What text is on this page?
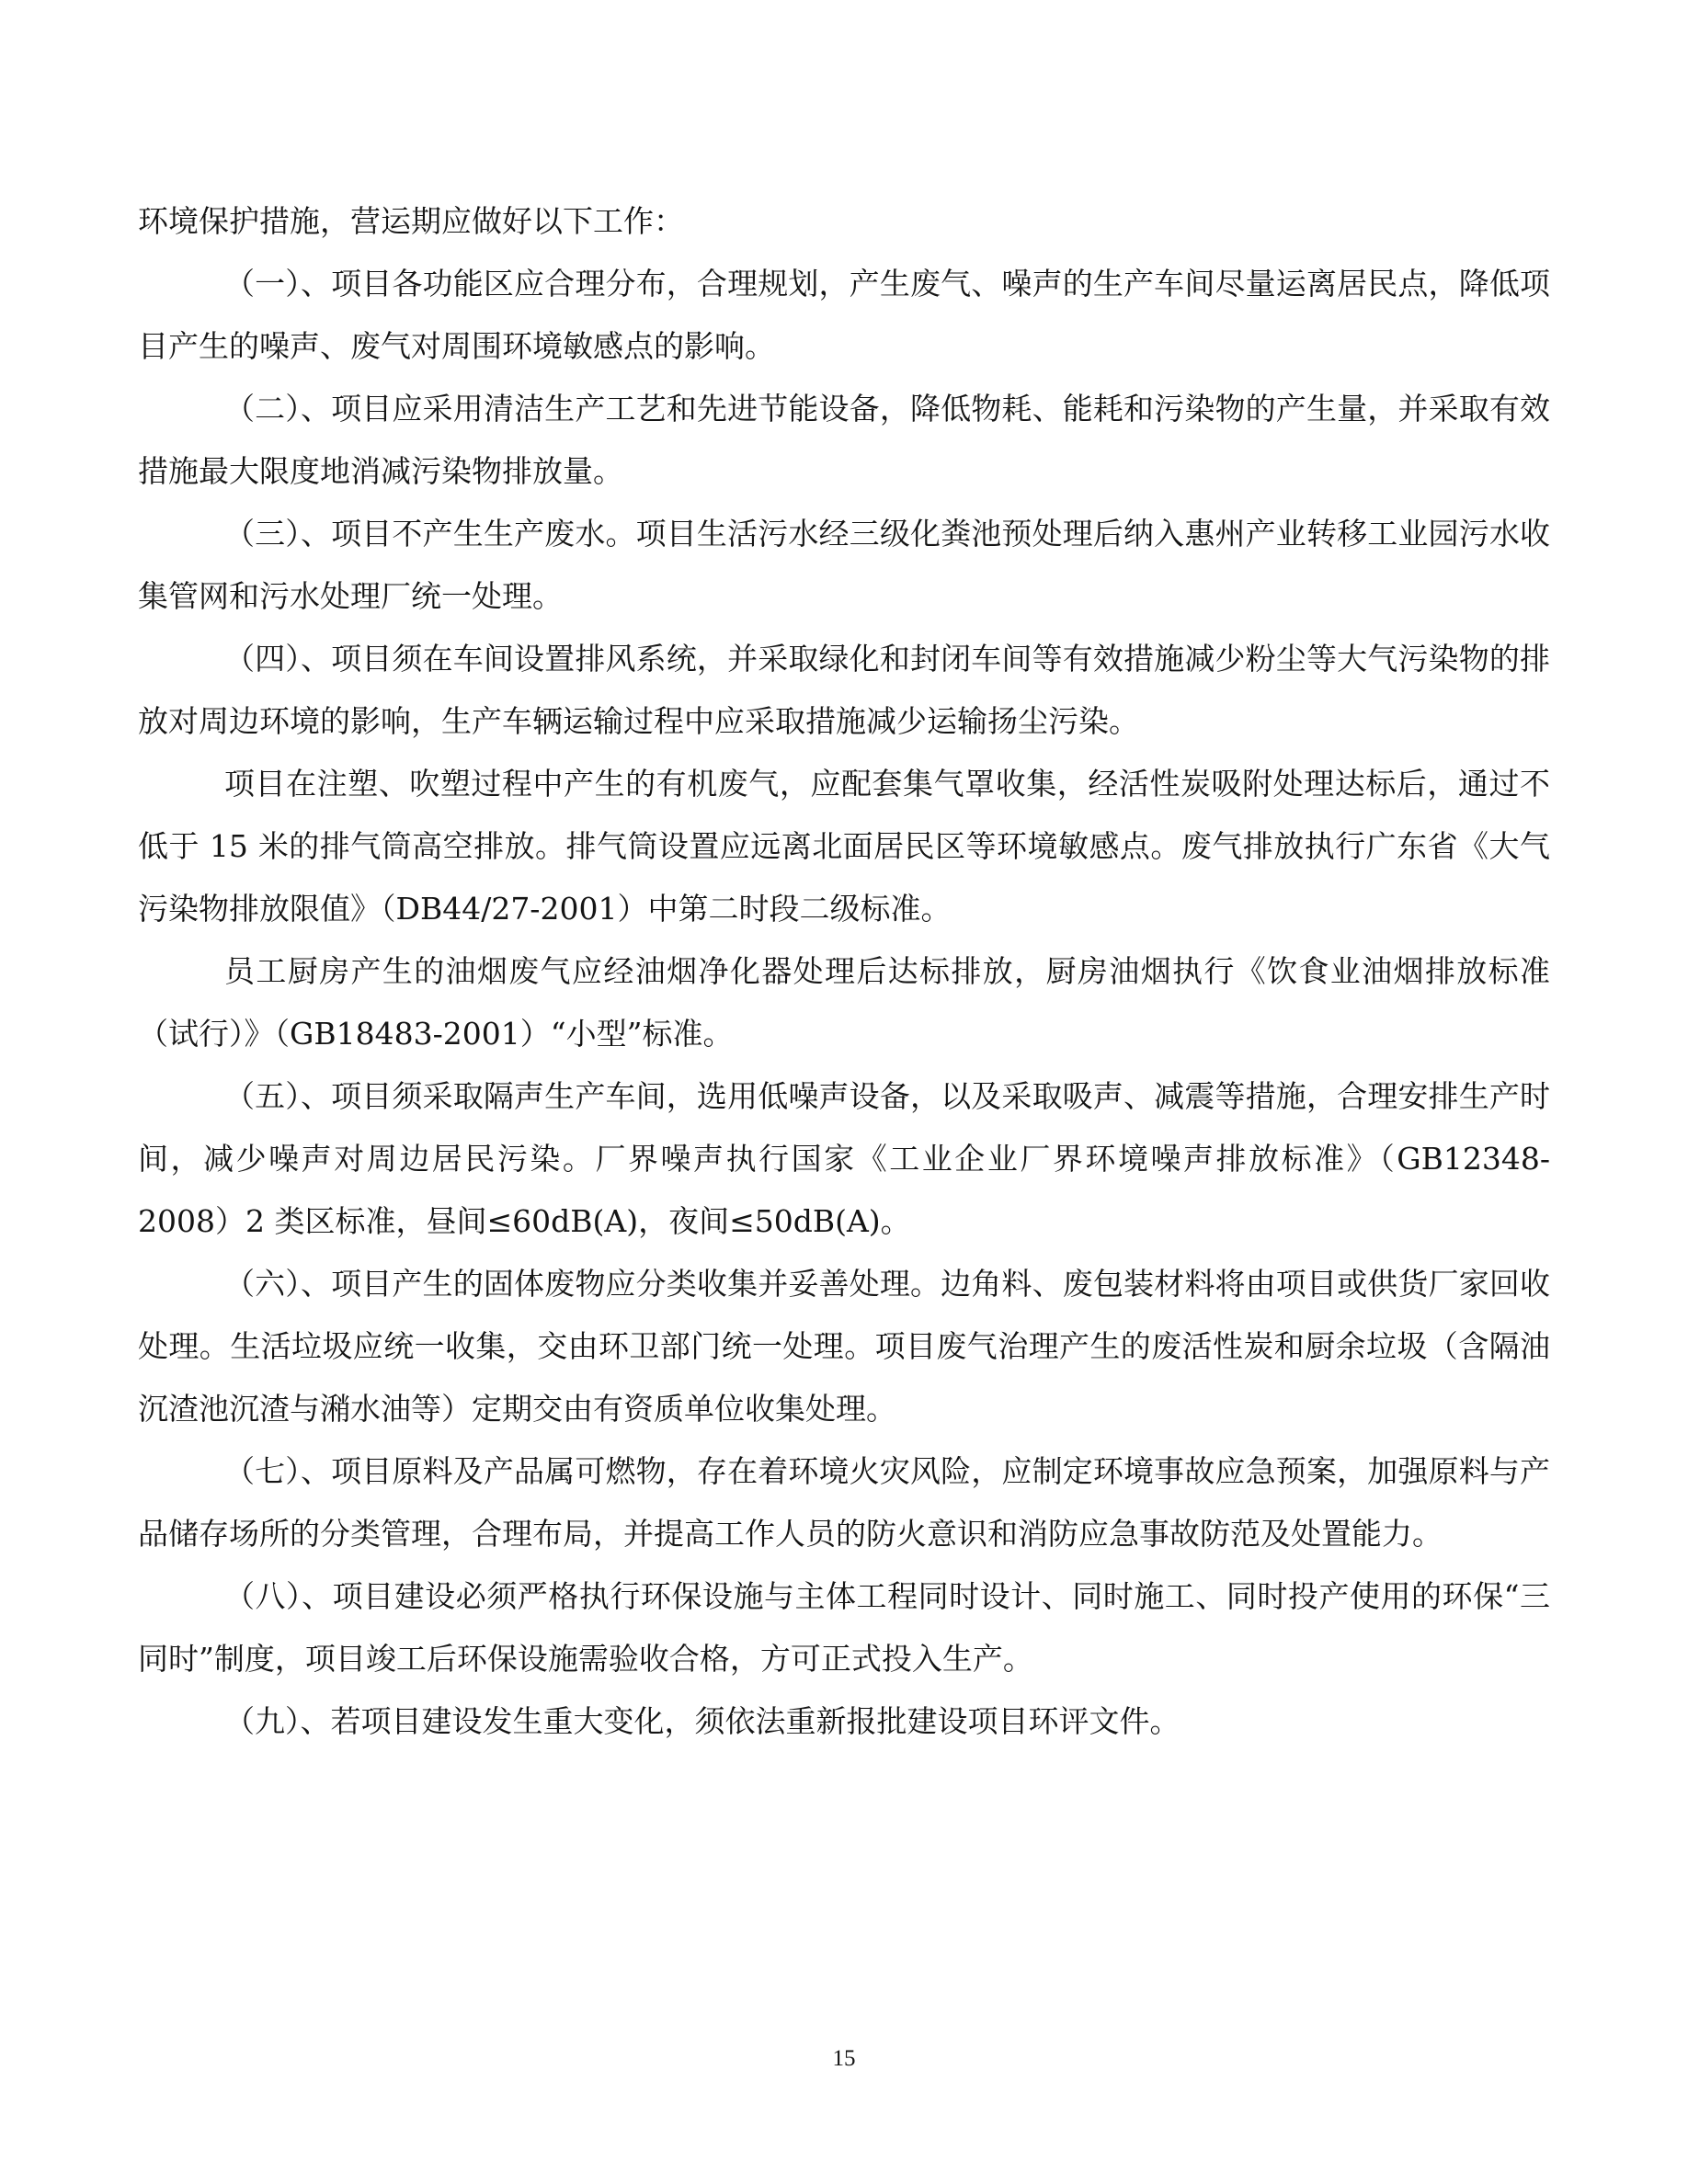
环境保护措施，营运期应做好以下工作：

（一）、项目各功能区应合理分布，合理规划，产生废气、噪声的生产车间尽量运离居民点，降低项目产生的噪声、废气对周围环境敏感点的影响。

（二）、项目应采用清洁生产工艺和先进节能设备，降低物耗、能耗和污染物的产生量，并采取有效措施最大限度地消减污染物排放量。

（三）、项目不产生生产废水。项目生活污水经三级化粪池预处理后纳入惠州产业转移工业园污水收集管网和污水处理厂统一处理。

（四）、项目须在车间设置排风系统，并采取绿化和封闭车间等有效措施减少粉尘等大气污染物的排放对周边环境的影响，生产车辆运输过程中应采取措施减少运输扬尘污染。

项目在注塑、吹塑过程中产生的有机废气，应配套集气罩收集，经活性炭吸附处理达标后，通过不低于 15 米的排气筒高空排放。排气筒设置应远离北面居民区等环境敏感点。废气排放执行广东省《大气污染物排放限值》（DB44/27-2001）中第二时段二级标准。

员工厨房产生的油烟废气应经油烟净化器处理后达标排放，厨房油烟执行《饮食业油烟排放标准（试行）》（GB18483-2001）“小型”标准。

（五）、项目须采取隔声生产车间，选用低噪声设备，以及采取吸声、减震等措施，合理安排生产时间，减少噪声对周边居民污染。厂界噪声执行国家《工业企业厂界环境噪声排放标准》（GB12348-2008）2 类区标准，昼间≤60dB(A)，夜间≤50dB(A)。

（六）、项目产生的固体废物应分类收集并妥善处理。边角料、废包装材料将由项目或供货厂家回收处理。生活垃圾应统一收集，交由环卫部门统一处理。项目废气治理产生的废活性炭和厨余垃圾（含隔油沉渣池沉渣与潲水油等）定期交由有资质单位收集处理。

（七）、项目原料及产品属可燃物，存在着环境火灾风险，应制定环境事故应急预案，加强原料与产品储存场所的分类管理，合理布局，并提高工作人员的防火意识和消防应急事故防范及处置能力。

（八）、项目建设必须严格执行环保设施与主体工程同时设计、同时施工、同时投产使用的环保“三同时”制度，项目竣工后环保设施需验收合格，方可正式投入生产。

（九）、若项目建设发生重大变化，须依法重新报批建设项目环评文件。

15
